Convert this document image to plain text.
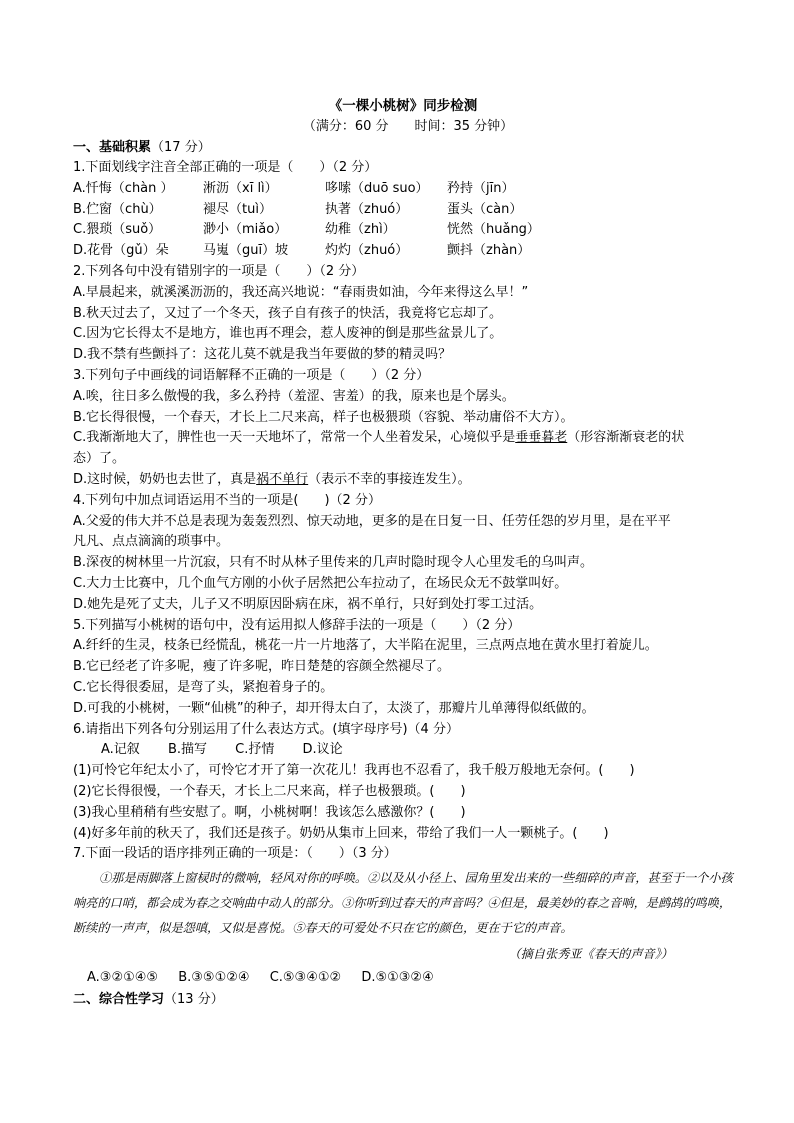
《一棵小桃树》同步检测
（满分：60 分　　时间：35 分钟）
一、基础积累（17 分）
1.下面划线字注音全部正确的一项是（　　）（2 分）
A.忏悔（chàn ） 淅沥（xī lì）	哆嗦（duō suo） 矜持（jīn）
B.伫窗（chù）	褪尽（tuì）	执著（zhuó）	蛋头（càn）
C.猥琐（suǒ）	渺小（miǎo）	幼稚（zhì）	恍然（huǎng）
D.花骨（gǔ）朵	马嵬（guī）坡	灼灼（zhuó）	颤抖（zhàn）
2.下列各句中没有错别字的一项是（　　）（2 分）
A.早晨起来，就溪溪沥沥的，我还高兴地说：“春雨贵如油，今年来得这么早！”
B.秋天过去了，又过了一个冬天，孩子自有孩子的快活，我竟将它忘却了。
C.因为它长得太不是地方，谁也再不理会，惹人废神的倒是那些盆景儿了。
D.我不禁有些颤抖了：这花儿莫不就是我当年要做的梦的精灵吗？
3.下列句子中画线的词语解释不正确的一项是（　　）（2 分）
A.唉，往日多么傲慢的我，多么矜持（羞涩、害羞）的我，原来也是个孱头。
B.它长得很慢，一个春天，才长上二尺来高，样子也极猥琐（容貌、举动庸俗不大方）。
C.我渐渐地大了，脾性也一天一天地坏了，常常一个人坐着发呆，心境似乎是垂垂暮老（形容渐渐衰老的状
态）了。
D.这时候，奶奶也去世了，真是祸不单行（表示不幸的事接连发生）。
4.下列句中加点词语运用不当的一项是(　　)（2 分）
A.父爱的伟大并不总是表现为轰轰烈烈、惊天动地，更多的是在日复一日、任劳任怨的岁月里，是在平平
凡凡、点点滴滴的琐事中。
B.深夜的树林里一片沉寂，只有不时从林子里传来的几声时隐时现令人心里发毛的乌叫声。
C.大力士比赛中，几个血气方刚的小伙子居然把公车拉动了，在场民众无不鼓掌叫好。
D.她先是死了丈夫，儿子又不明原因卧病在床，祸不单行，只好到处打零工过活。
5.下列描写小桃树的语句中，没有运用拟人修辞手法的一项是（　　）（2 分）
A.纤纤的生灵，枝条已经慌乱，桃花一片一片地落了，大半陷在泥里，三点两点地在黄水里打着旋儿。
B.它已经老了许多呢，瘦了许多呢，昨日楚楚的容颜全然褪尽了。
C.它长得很委屈，是弯了头，紧抱着身子的。
D.可我的小桃树，一颗“仙桃”的种子，却开得太白了，太淡了，那瓣片儿单薄得似纸做的。
6.请指出下列各句分别运用了什么表达方式。(填字母序号)（4 分）
A.记叙 B.描写 C.抒情 D.议论
(1)可怜它年纪太小了，可怜它才开了第一次花儿！我再也不忍看了，我千般万般地无奈何。(　　)
(2)它长得很慢，一个春天，才长上二尺来高，样子也极猥琐。(　　)
(3)我心里稍稍有些安慰了。啊，小桃树啊！我该怎么感激你？(　　)
(4)好多年前的秋天了，我们还是孩子。奶奶从集市上回来，带给了我们一人一颗桃子。(　　)
7.下面一段话的语序排列正确的一项是：（　　）（3 分）
①那是雨脚落上窗棂时的微响，轻风对你的呼唤。②以及从小径上、园角里发出来的一些细碎的声音，甚至于一个小孩响亮的口哨，都会成为春之交响曲中动人的部分。③你听到过春天的声音吗？④但是，最美妙的春之音响，是鹧鸪的鸣唤，断续的一声声，似是怨嗔，又似是喜悦。⑤春天的可爱处不只在它的颜色，更在于它的声音。
（摘自张秀亚《春天的声音》）
A.③②①④⑤ B.③⑤①②④ C.⑤③④①② D.⑤①③②④
二、综合性学习（13 分）
